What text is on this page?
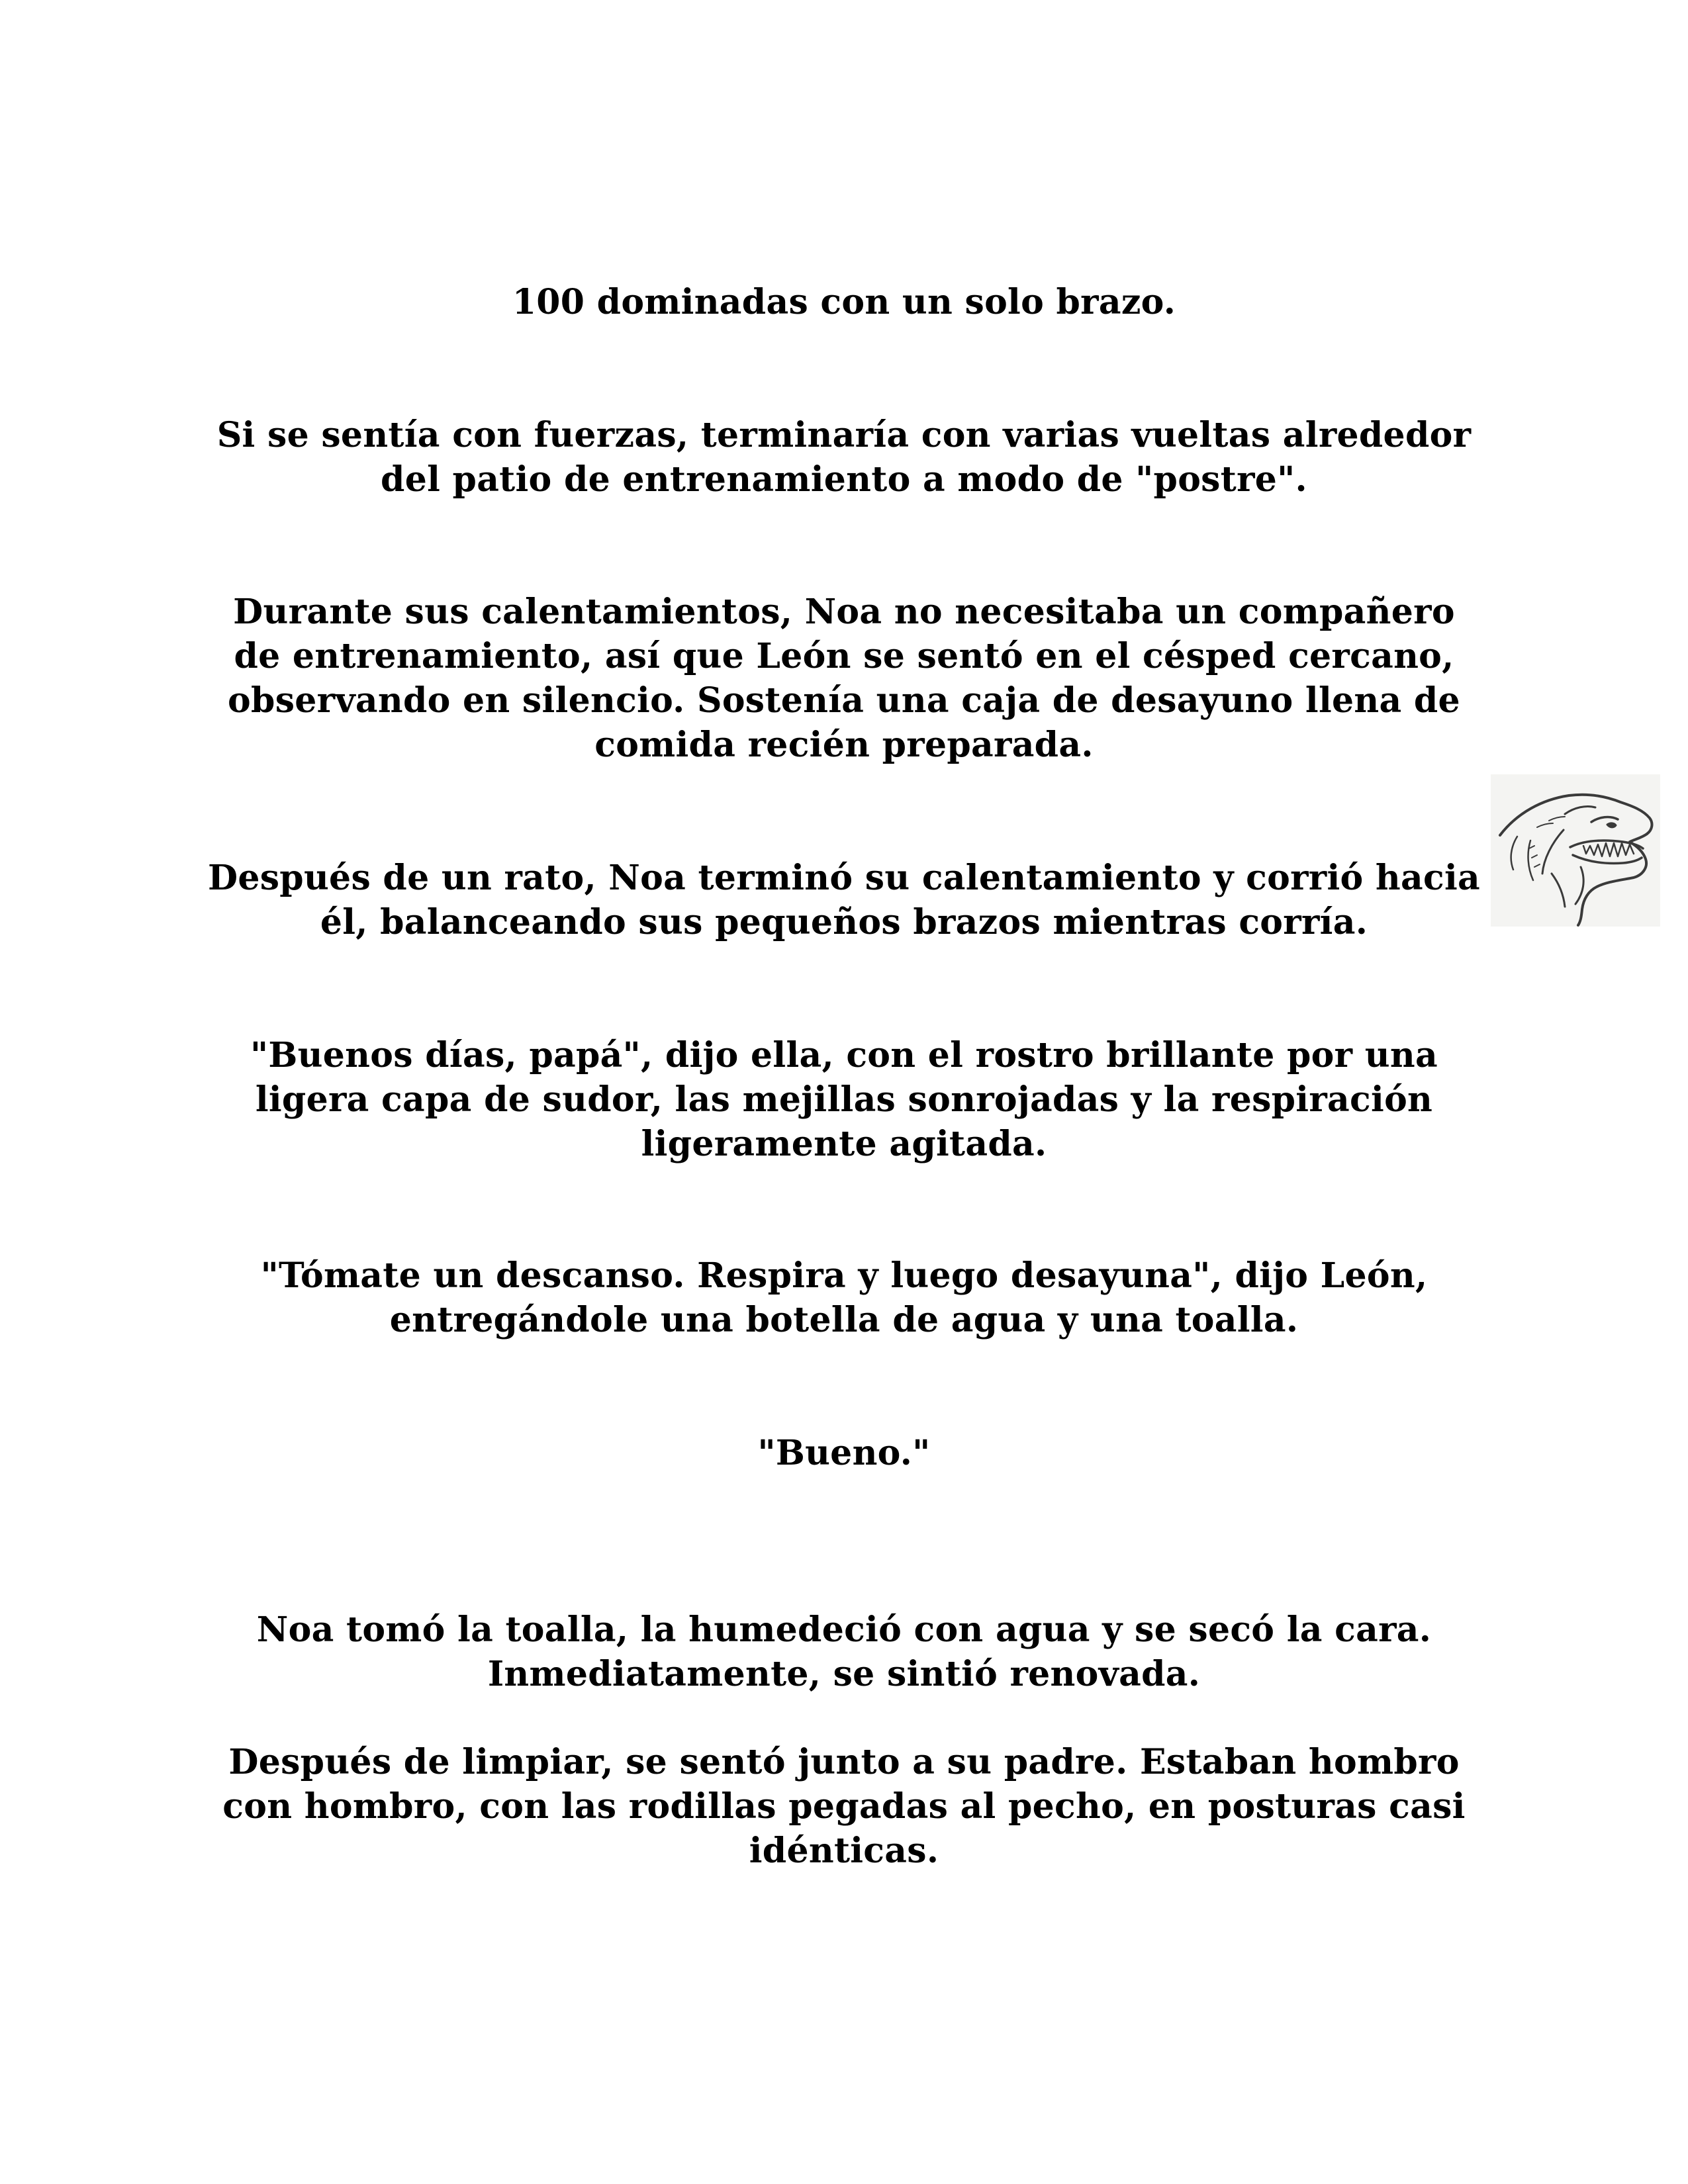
100 dominadas con un solo brazo.

Si se sentía con fuerzas, terminaría con varias vueltas alrededor del patio de entrenamiento a modo de "postre".

Durante sus calentamientos, Noa no necesitaba un compañero de entrenamiento, así que León se sentó en el césped cercano, observando en silencio. Sostenía una caja de desayuno llena de comida recién preparada.

Después de un rato, Noa terminó su calentamiento y corrió hacia él, balanceando sus pequeños brazos mientras corría.

"Buenos días, papá", dijo ella, con el rostro brillante por una ligera capa de sudor, las mejillas sonrojadas y la respiración ligeramente agitada.

"Tómate un descanso. Respira y luego desayuna", dijo León, entregándole una botella de agua y una toalla.

"Bueno."

Noa tomó la toalla, la humedeció con agua y se secó la cara. Inmediatamente, se sintió renovada.

Después de limpiar, se sentó junto a su padre. Estaban hombro con hombro, con las rodillas pegadas al pecho, en posturas casi idénticas.
